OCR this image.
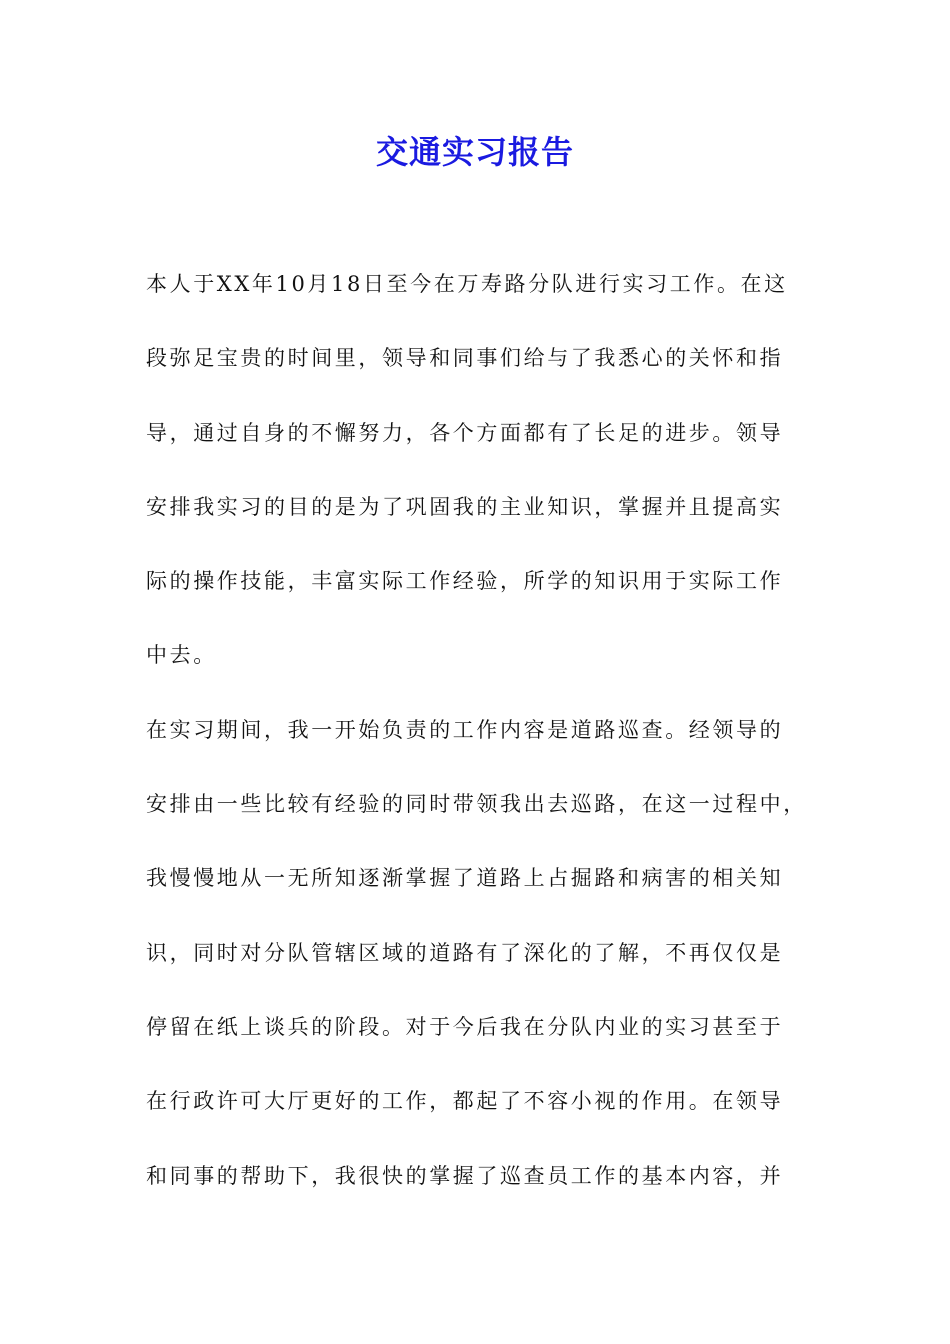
交通实习报告
本人于XX年10月18日至今在万寿路分队进行实习工作。在这
段弥足宝贵的时间里，领导和同事们给与了我悉心的关怀和指
导，通过自身的不懈努力，各个方面都有了长足的进步。领导
安排我实习的目的是为了巩固我的主业知识，掌握并且提高实
际的操作技能，丰富实际工作经验，所学的知识用于实际工作
中去。
在实习期间，我一开始负责的工作内容是道路巡查。经领导的
安排由一些比较有经验的同时带领我出去巡路，在这一过程中，
我慢慢地从一无所知逐渐掌握了道路上占掘路和病害的相关知
识，同时对分队管辖区域的道路有了深化的了解，不再仅仅是
停留在纸上谈兵的阶段。对于今后我在分队内业的实习甚至于
在行政许可大厅更好的工作，都起了不容小视的作用。在领导
和同事的帮助下，我很快的掌握了巡查员工作的基本内容，并
